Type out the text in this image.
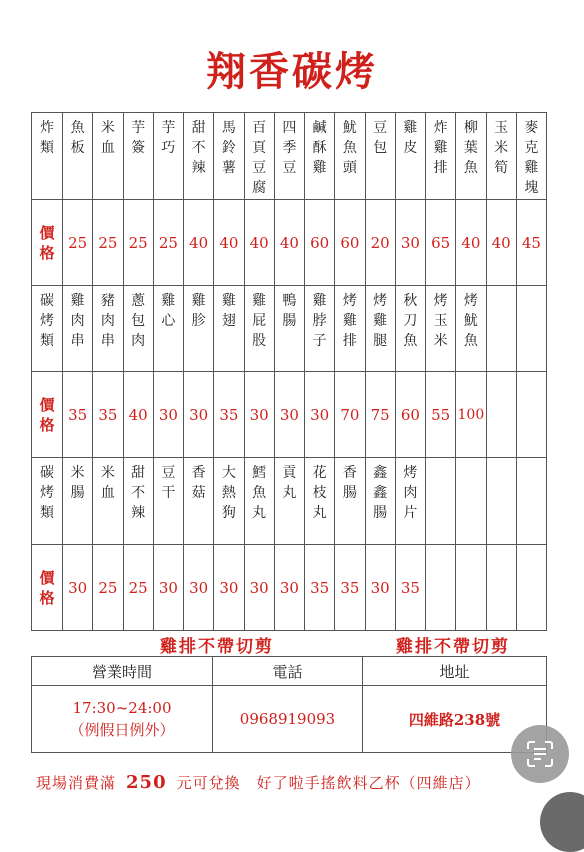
翔香碳烤
炸類	魚板	米血	芋簽	芋巧	甜不辣	馬鈴薯	百頁豆腐	四季豆	鹹酥雞	魷魚頭	豆包	雞皮	炸雞排	柳葉魚	玉米筍	麥克雞塊
價格	25	25	25	25	40	40	40	40	60	60	20	30	65	40	40	45
碳烤類	雞肉串	豬肉串	蔥包肉	雞心	雞胗	雞翅	雞屁股	鴨腸	雞脖子	烤雞排	烤雞腿	秋刀魚	烤玉米	烤魷魚		
價格	35	35	40	30	30	35	30	30	30	70	75	60	55	100		
碳烤類	米腸	米血	甜不辣	豆干	香菇	大熱狗	鱈魚丸	貢丸	花枝丸	香腸	鑫鑫腸	烤肉片				
價格	30	25	25	30	30	30	30	30	35	35	30	35				
雞排不帶切剪	雞排不帶切剪
營業時間	電話	地址

17:30~24:00
（例假日例外）	0968919093	四維路238號
現場消費滿 250 元可兌換　好了啦手搖飲料乙杯（四維店）
